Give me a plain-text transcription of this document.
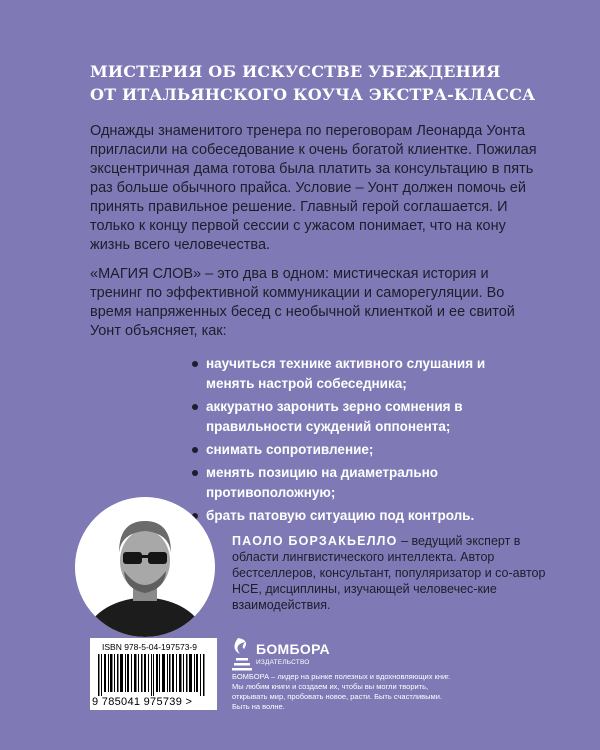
МИСТЕРИЯ ОБ ИСКУССТВЕ УБЕЖДЕНИЯ
ОТ ИТАЛЬЯНСКОГО КОУЧА ЭКСТРА-КЛАССА
Однажды знаменитого тренера по переговорам Леонарда Уонта пригласили на собеседование к очень богатой клиентке. Пожилая эксцентричная дама готова была платить за консультацию в пять раз больше обычного прайса. Условие – Уонт должен помочь ей принять правильное решение. Главный герой соглашается. И только к концу первой сессии с ужасом понимает, что на кону жизнь всего человечества.
«МАГИЯ СЛОВ» – это два в одном: мистическая история и тренинг по эффективной коммуникации и саморегуляции. Во время напряженных бесед с необычной клиенткой и ее свитой Уонт объясняет, как:
научиться технике активного слушания и менять настрой собеседника;
аккуратно заронить зерно сомнения в правильности суждений оппонента;
снимать сопротивление;
менять позицию на диаметрально противоположную;
брать патовую ситуацию под контроль.
ПАОЛО БОРЗАКЬЕЛЛО – ведущий эксперт в области лингвистического интеллекта. Автор бестселлеров, консультант, популяризатор и со-автор НСЕ, дисциплины, изучающей человечес-кие взаимодействия.
ISBN 978-5-04-197573-9
9 785041 975739 >
БОМБОРА
ИЗДАТЕЛЬСТВО
БОМБОРА – лидер на рынке полезных и вдохновляющих книг. Мы любим книги и создаем их, чтобы вы могли творить, открывать мир, пробовать новое, расти. Быть счастливыми. Быть на волне.
